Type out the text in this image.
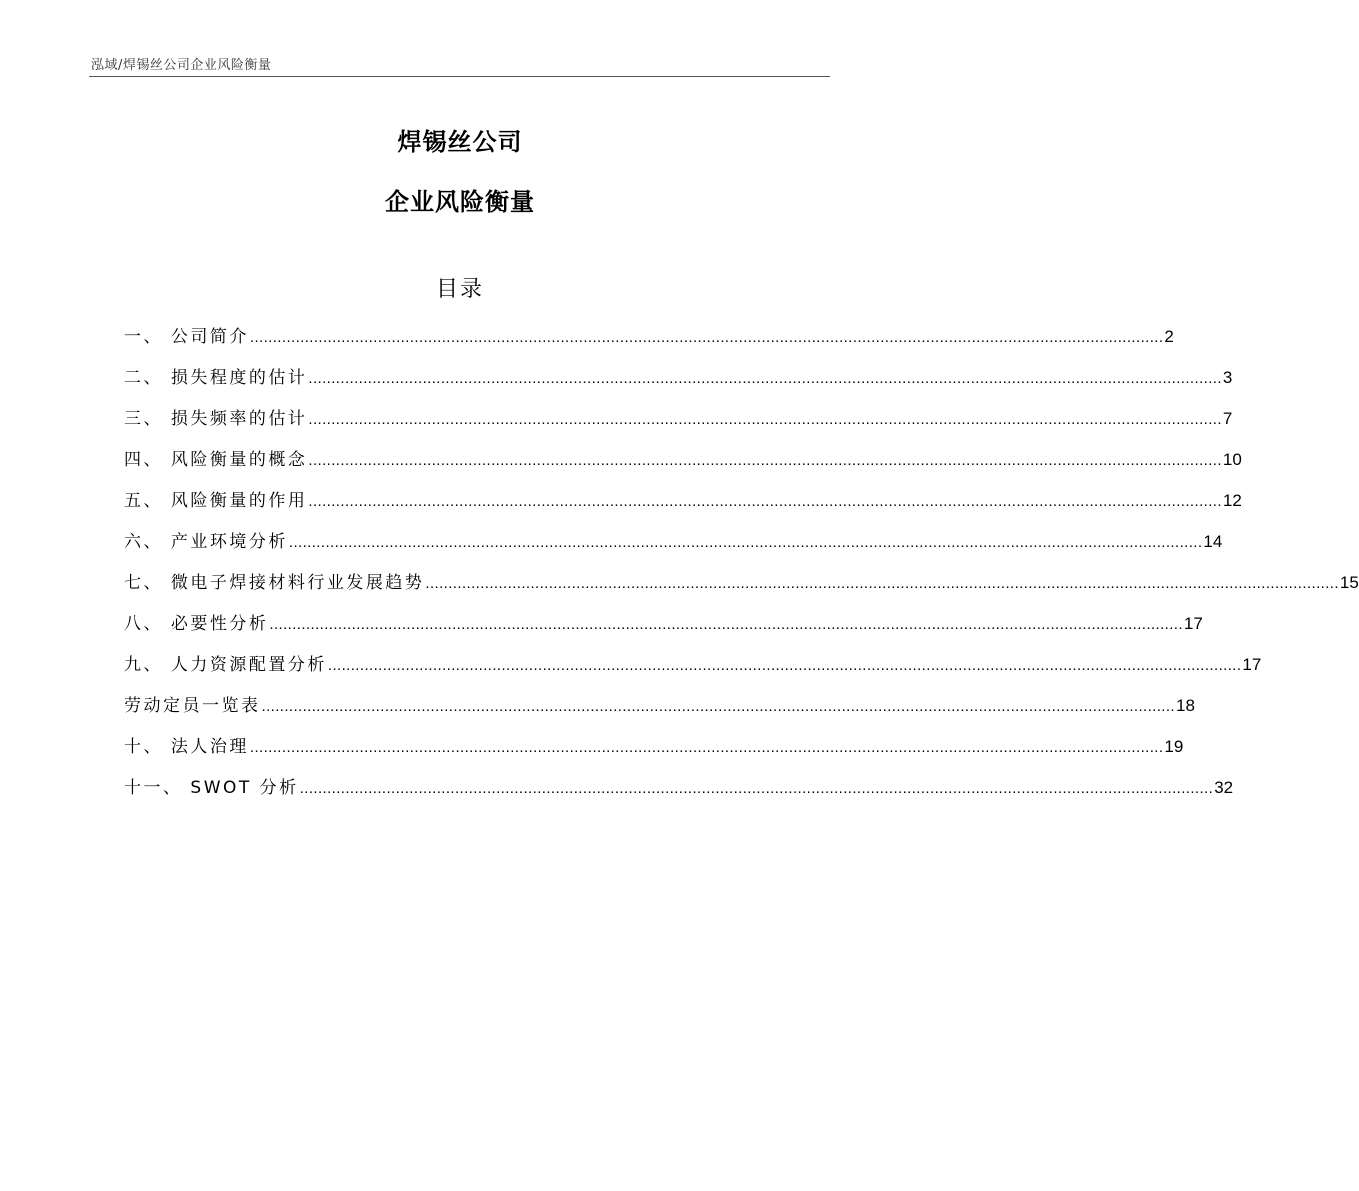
泓域/焊锡丝公司企业风险衡量
焊锡丝公司
企业风险衡量
目录
一、 公司简介 ........................................................................................................................................................................................................ 2
二、 损失程度的估计 ........................................................................................................................................................................................................ 3
三、 损失频率的估计 ........................................................................................................................................................................................................ 7
四、 风险衡量的概念 ........................................................................................................................................................................................................ 10
五、 风险衡量的作用 ........................................................................................................................................................................................................ 12
六、 产业环境分析 ........................................................................................................................................................................................................ 14
七、 微电子焊接材料行业发展趋势 ........................................................................................................................................................................................................ 15
八、 必要性分析 ........................................................................................................................................................................................................ 17
九、 人力资源配置分析 ........................................................................................................................................................................................................ 17
劳动定员一览表 ........................................................................................................................................................................................................ 18
十、 法人治理 ........................................................................................................................................................................................................ 19
十一、 SWOT 分析 ........................................................................................................................................................................................................ 32
